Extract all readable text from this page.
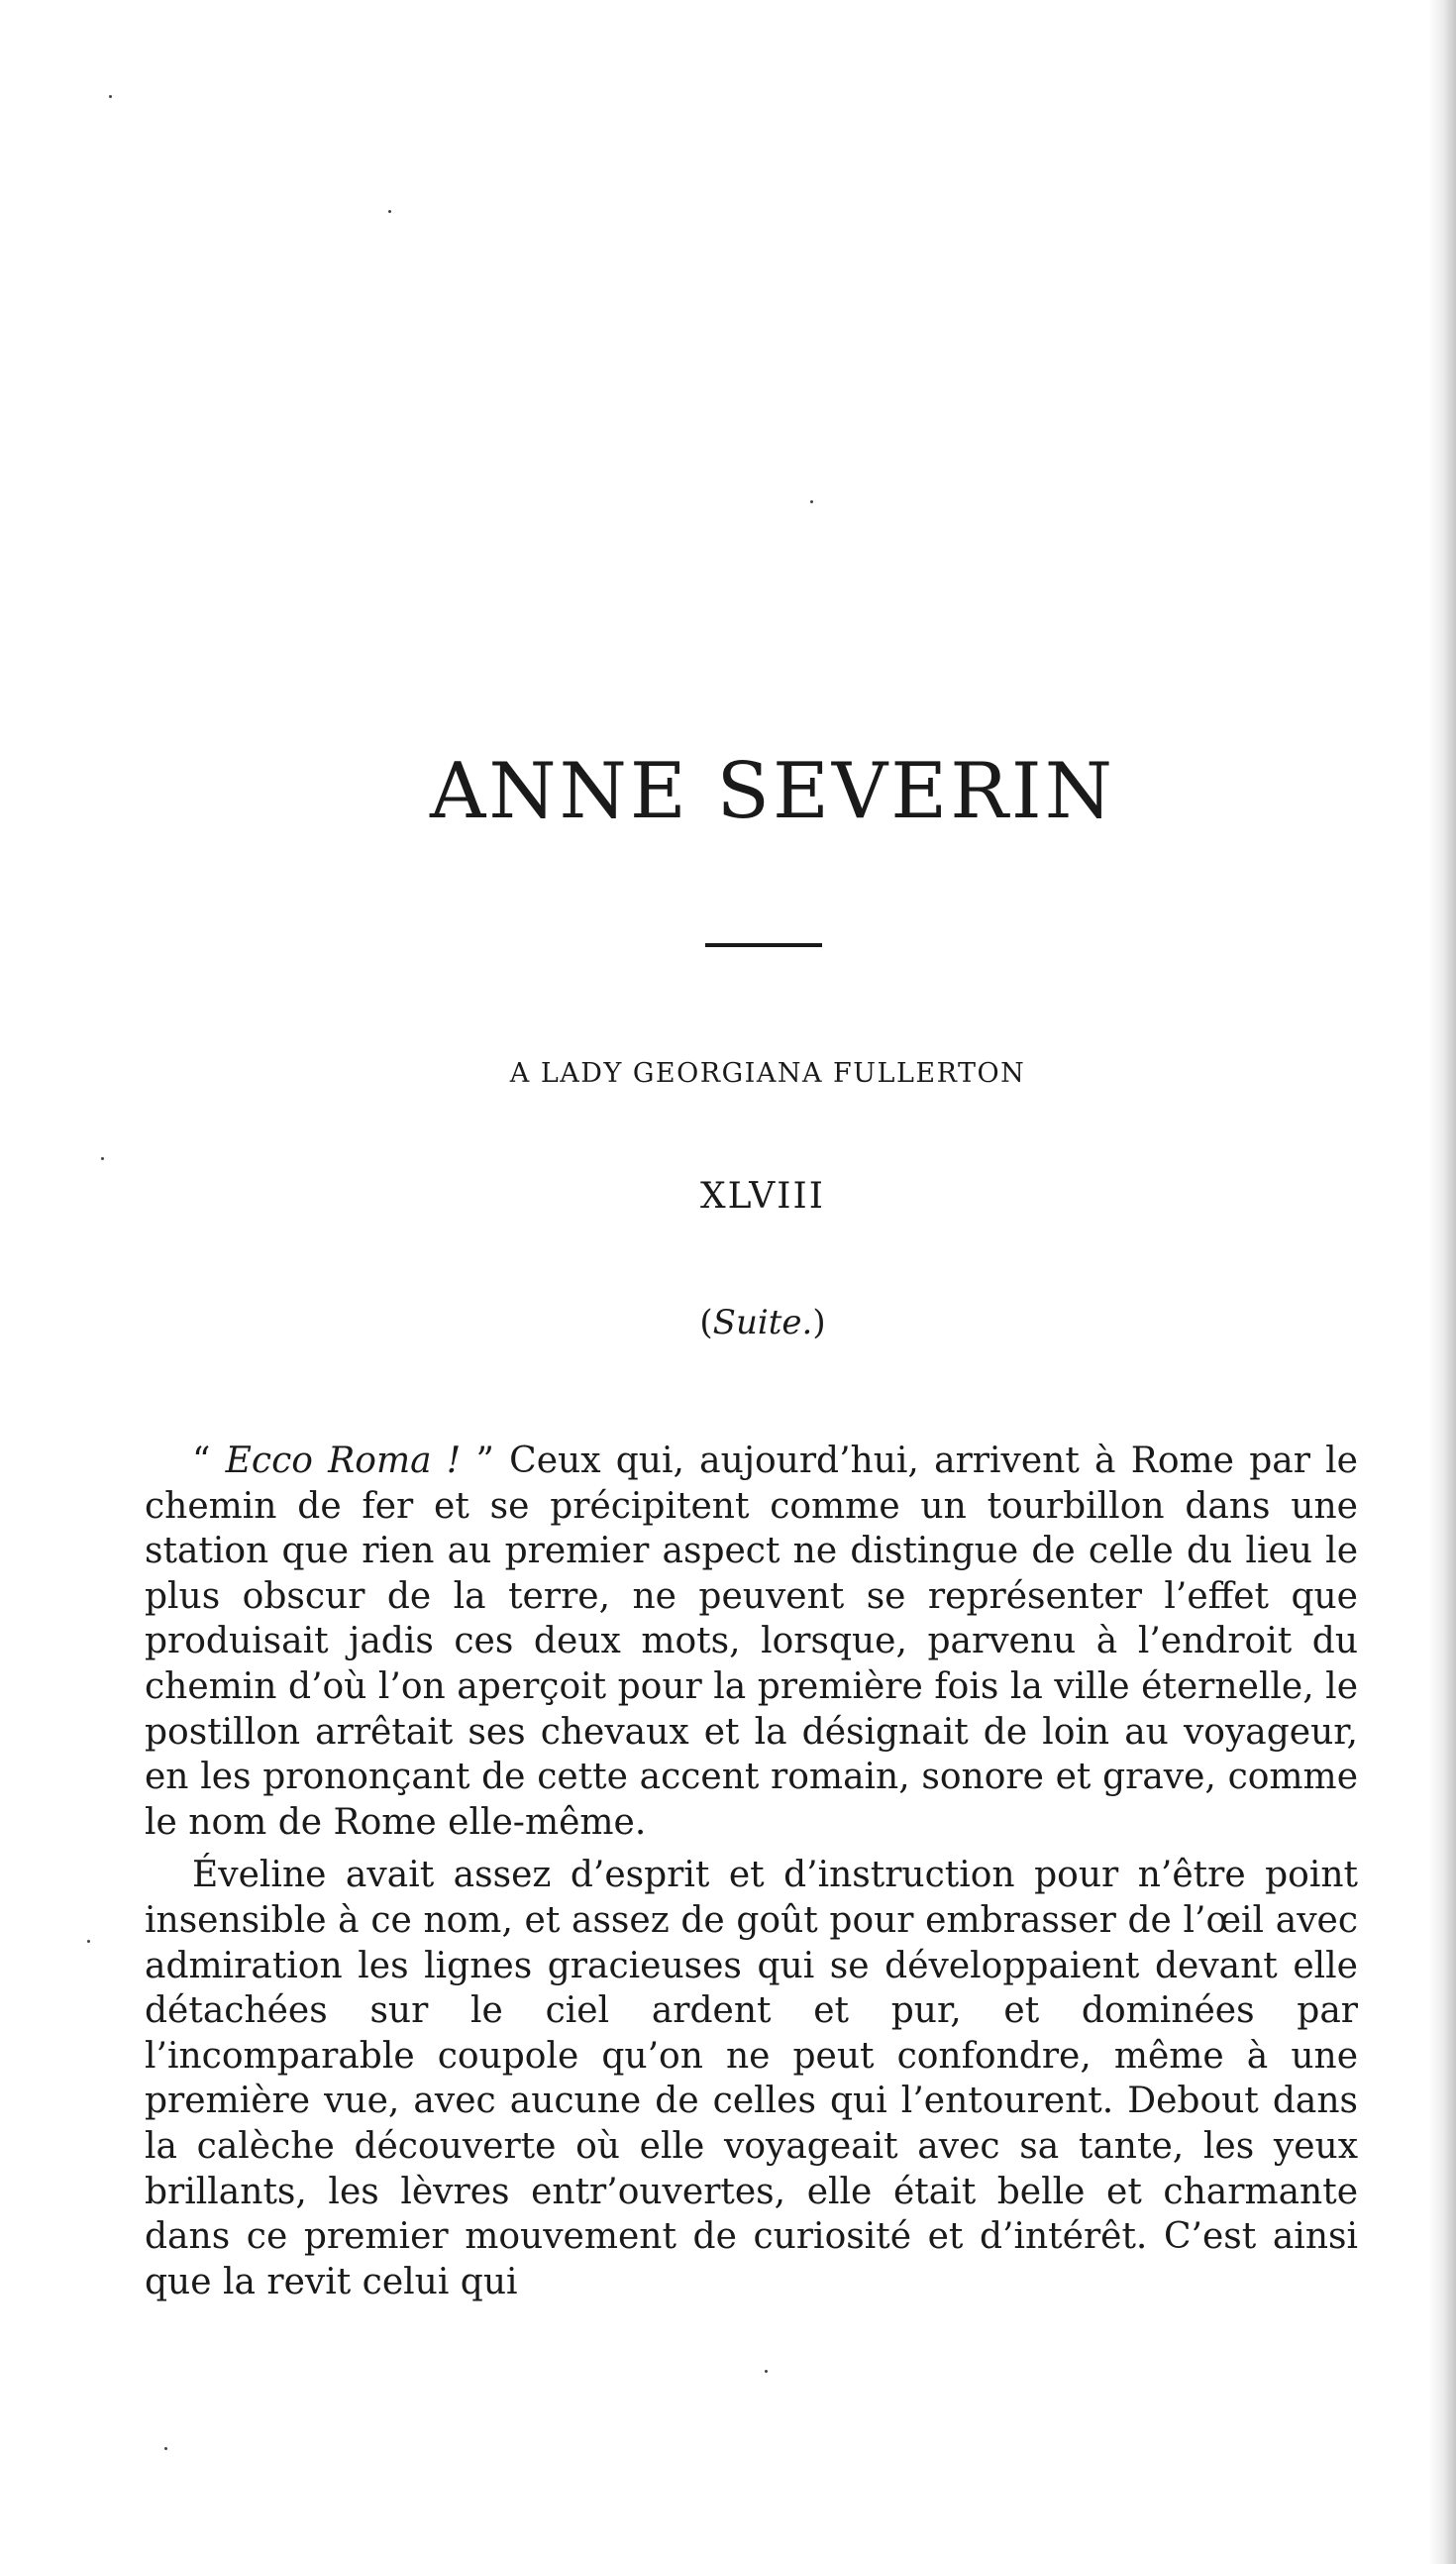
ANNE SEVERIN
A LADY GEORGIANA FULLERTON
XLVIII
(Suite.)

“ Ecco Roma ! ” Ceux qui, aujourd’hui, arrivent à Rome par le chemin de fer et se précipitent comme un tourbillon dans une station que rien au premier aspect ne distingue de celle du lieu le plus obscur de la terre, ne peuvent se représenter l’effet que produisait jadis ces deux mots, lorsque, parvenu à l’endroit du chemin d’où l’on aperçoit pour la première fois la ville éternelle, le postillon arrêtait ses chevaux et la désignait de loin au voyageur, en les prononçant de cette accent romain, sonore et grave, comme le nom de Rome elle-même.

Éveline avait assez d’esprit et d’instruction pour n’être point insensible à ce nom, et assez de goût pour embrasser de l’œil avec admiration les lignes gracieuses qui se développaient devant elle détachées sur le ciel ardent et pur, et dominées par l’incomparable coupole qu’on ne peut confondre, même à une première vue, avec aucune de celles qui l’entourent. Debout dans la calèche découverte où elle voyageait avec sa tante, les yeux brillants, les lèvres entr’ouvertes, elle était belle et charmante dans ce premier mouvement de curiosité et d’intérêt. C’est ainsi que la revit celui qui
